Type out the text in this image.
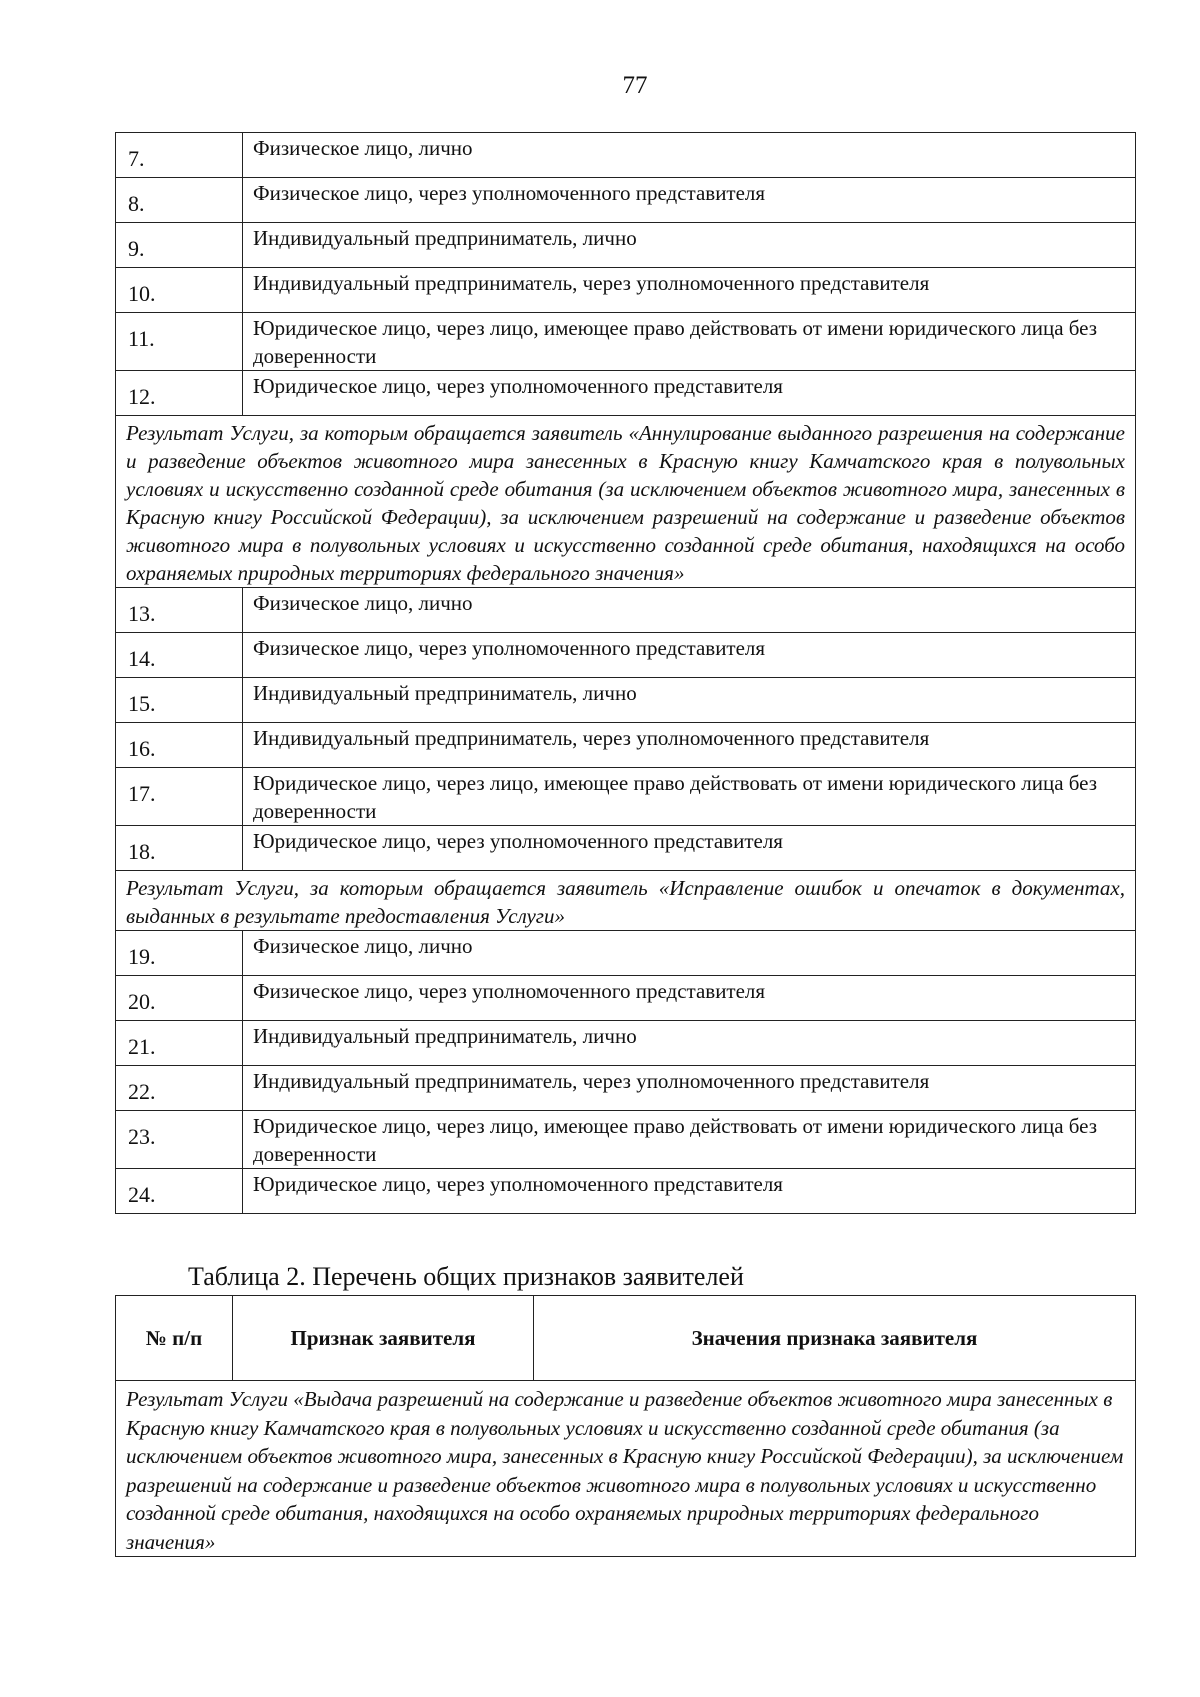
77
7.	Физическое лицо, лично

8.	Физическое лицо, через уполномоченного представителя

9.	Индивидуальный предприниматель, лично

10.	Индивидуальный предприниматель, через уполномоченного представителя

11.	Юридическое лицо, через лицо, имеющее право действовать от имени юридического лица без доверенности

12.	Юридическое лицо, через уполномоченного представителя

Результат Услуги, за которым обращается заявитель «Аннулирование выданного разрешения на содержание и разведение объектов животного мира занесенных в Красную книгу Камчатского края в полувольных условиях и искусственно созданной среде обитания (за исключением объектов животного мира, занесенных в Красную книгу Российской Федерации), за исключением разрешений на содержание и разведение объектов животного мира в полувольных условиях и искусственно созданной среде обитания, находящихся на особо охраняемых природных территориях федерального значения»	

13.	Физическое лицо, лично

14.	Физическое лицо, через уполномоченного представителя

15.	Индивидуальный предприниматель, лично

16.	Индивидуальный предприниматель, через уполномоченного представителя

17.	Юридическое лицо, через лицо, имеющее право действовать от имени юридического лица без доверенности

18.	Юридическое лицо, через уполномоченного представителя

Результат Услуги, за которым обращается заявитель «Исправление ошибок и опечаток в документах, выданных в результате предоставления Услуги»	

19.	Физическое лицо, лично

20.	Физическое лицо, через уполномоченного представителя

21.	Индивидуальный предприниматель, лично

22.	Индивидуальный предприниматель, через уполномоченного представителя

23.	Юридическое лицо, через лицо, имеющее право действовать от имени юридического лица без доверенности

24.	Юридическое лицо, через уполномоченного представителя
Таблица 2. Перечень общих признаков заявителей
№ п/п	Признак заявителя	Значения признака заявителя
Результат Услуги «Выдача разрешений на содержание и разведение объектов животного мира занесенных в Красную книгу Камчатского края в полувольных условиях и искусственно созданной среде обитания (за исключением объектов животного мира, занесенных в Красную книгу Российской Федерации), за исключением разрешений на содержание и разведение объектов животного мира в полувольных условиях и искусственно созданной среде обитания, находящихся на особо охраняемых природных территориях федерального значения»
